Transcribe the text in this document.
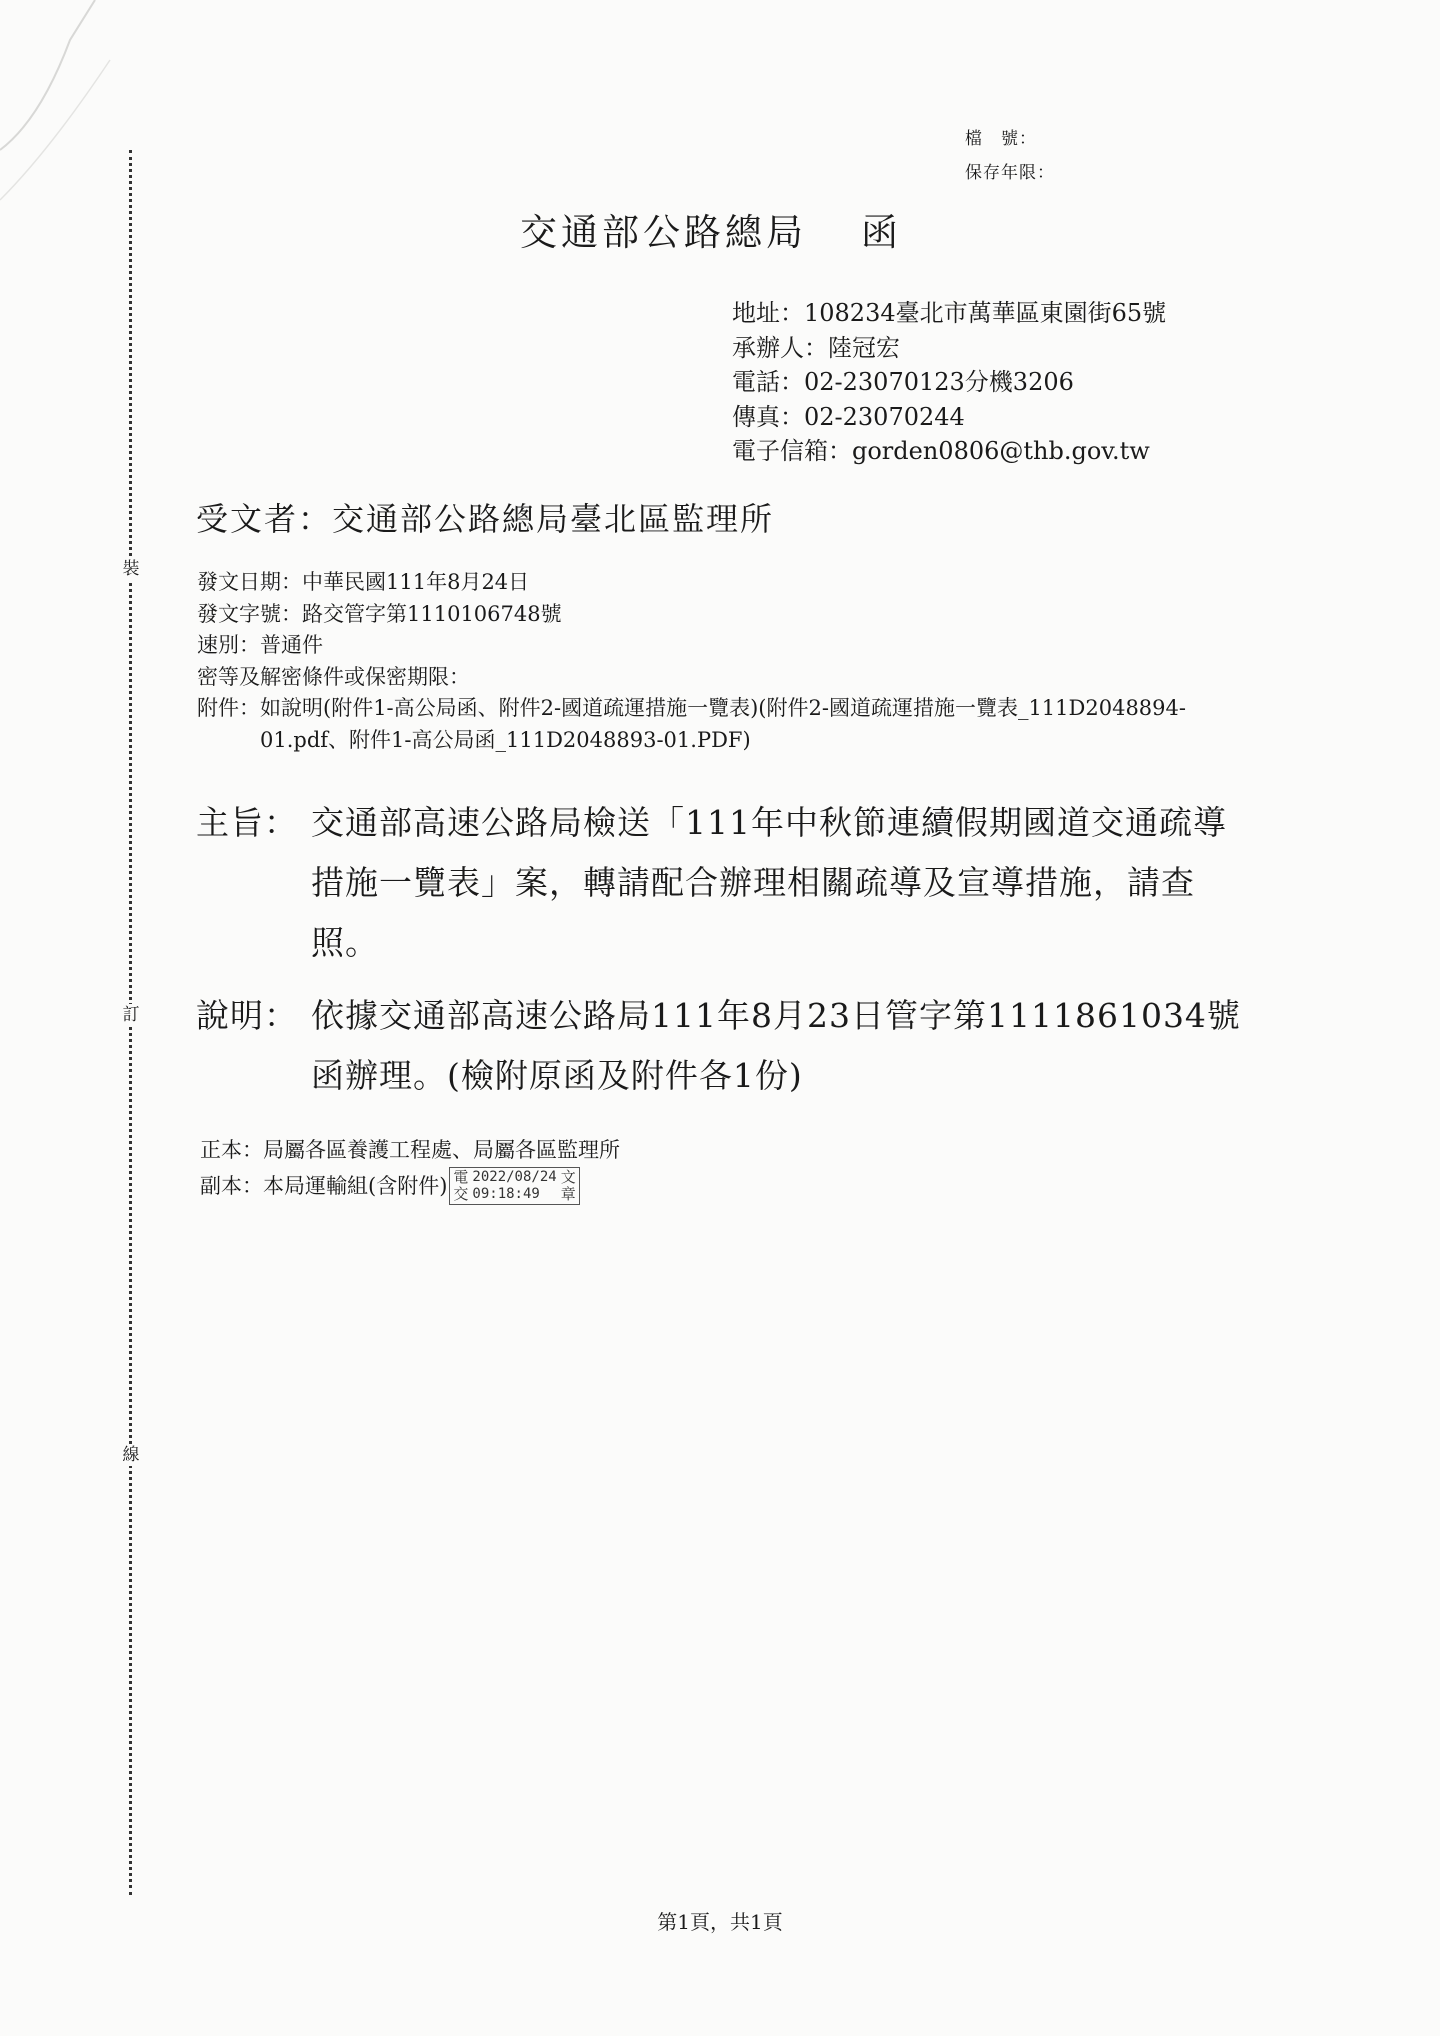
裝
訂
線
檔　號：
保存年限：
交通部公路總局 函
地址：108234臺北市萬華區東園街65號
承辦人：陸冠宏
電話：02-23070123分機3206
傳真：02-23070244
電子信箱：gorden0806@thb.gov.tw
受文者：交通部公路總局臺北區監理所
發文日期：中華民國111年8月24日
發文字號：路交管字第1110106748號
速別：普通件
密等及解密條件或保密期限：
附件： 如說明(附件1-高公局函、附件2-國道疏運措施一覽表)(附件2-國道疏運措施一覽表_111D2048894-01.pdf、附件1-高公局函_111D2048893-01.PDF)
主旨： 交通部高速公路局檢送「111年中秋節連續假期國道交通疏導措施一覽表」案，轉請配合辦理相關疏導及宣導措施，請查照。
說明： 依據交通部高速公路局111年8月23日管字第1111861034號函辦理。(檢附原函及附件各1份)
正本：局屬各區養護工程處、局屬各區監理所
副本：本局運輸組(含附件) 電
交
2022/08/24
09:18:49
文
章
第1頁，共1頁
